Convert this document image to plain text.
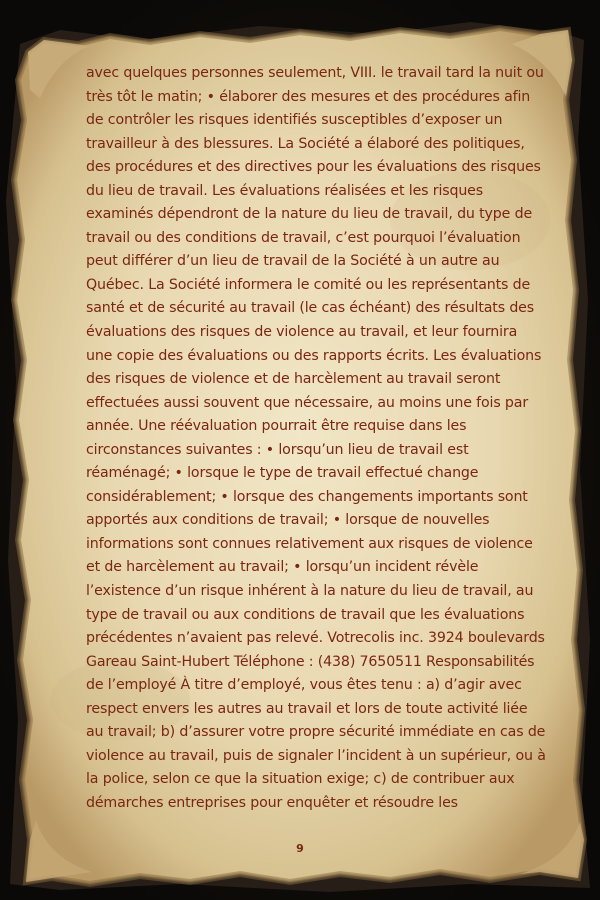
avec quelques personnes seulement, VIII. le travail tard la nuit ou très tôt le matin; • élaborer des mesures et des procédures afin de contrôler les risques identifiés susceptibles d’exposer un travailleur à des blessures. La Société a élaboré des politiques, des procédures et des directives pour les évaluations des risques du lieu de travail. Les évaluations réalisées et les risques examinés dépendront de la nature du lieu de travail, du type de travail ou des conditions de travail, c’est pourquoi l’évaluation peut différer d’un lieu de travail de la Société à un autre au Québec. La Société informera le comité ou les représentants de santé et de sécurité au travail (le cas échéant) des résultats des évaluations des risques de violence au travail, et leur fournira une copie des évaluations ou des rapports écrits. Les évaluations des risques de violence et de harcèlement au travail seront effectuées aussi souvent que nécessaire, au moins une fois par année. Une réévaluation pourrait être requise dans les circonstances suivantes : • lorsqu’un lieu de travail est réaménagé; • lorsque le type de travail effectué change considérablement; • lorsque des changements importants sont apportés aux conditions de travail; • lorsque de nouvelles informations sont connues relativement aux risques de violence et de harcèlement au travail; • lorsqu’un incident révèle l’existence d’un risque inhérent à la nature du lieu de travail, au type de travail ou aux conditions de travail que les évaluations précédentes n’avaient pas relevé. Votrecolis inc. 3924 boulevards Gareau Saint-Hubert Téléphone : (438) 7650511 Responsabilités de l’employé À titre d’employé, vous êtes tenu : a) d’agir avec respect envers les autres au travail et lors de toute activité liée au travail; b) d’assurer votre propre sécurité immédiate en cas de violence au travail, puis de signaler l’incident à un supérieur, ou à la police, selon ce que la situation exige; c) de contribuer aux démarches entreprises pour enquêter et résoudre les

9
